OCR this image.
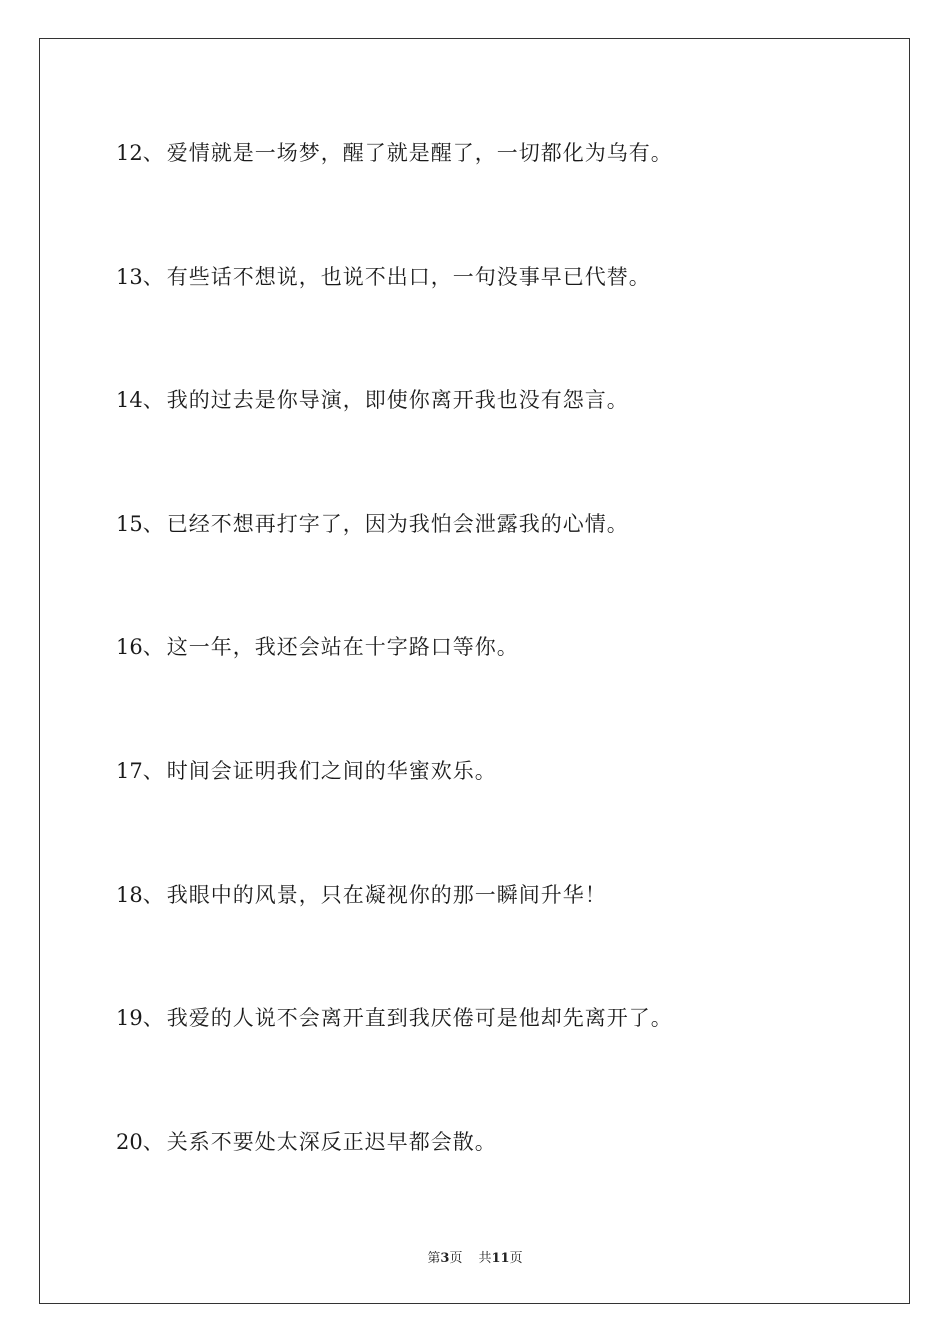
12 、 爱情就是一场梦，醒了就是醒了，一切都化为乌有。
13 、 有些话不想说，也说不出口，一句没事早已代替。
14 、 我的过去是你导演，即使你离开我也没有怨言。
15 、 已经不想再打字了，因为我怕会泄露我的心情。
16 、 这一年，我还会站在十字路口等你。
17 、 时间会证明我们之间的华蜜欢乐。
18 、 我眼中的风景，只在凝视你的那一瞬间升华！
19 、 我爱的人说不会离开直到我厌倦可是他却先离开了。
20 、 关系不要处太深反正迟早都会散。
第3页 共11页
